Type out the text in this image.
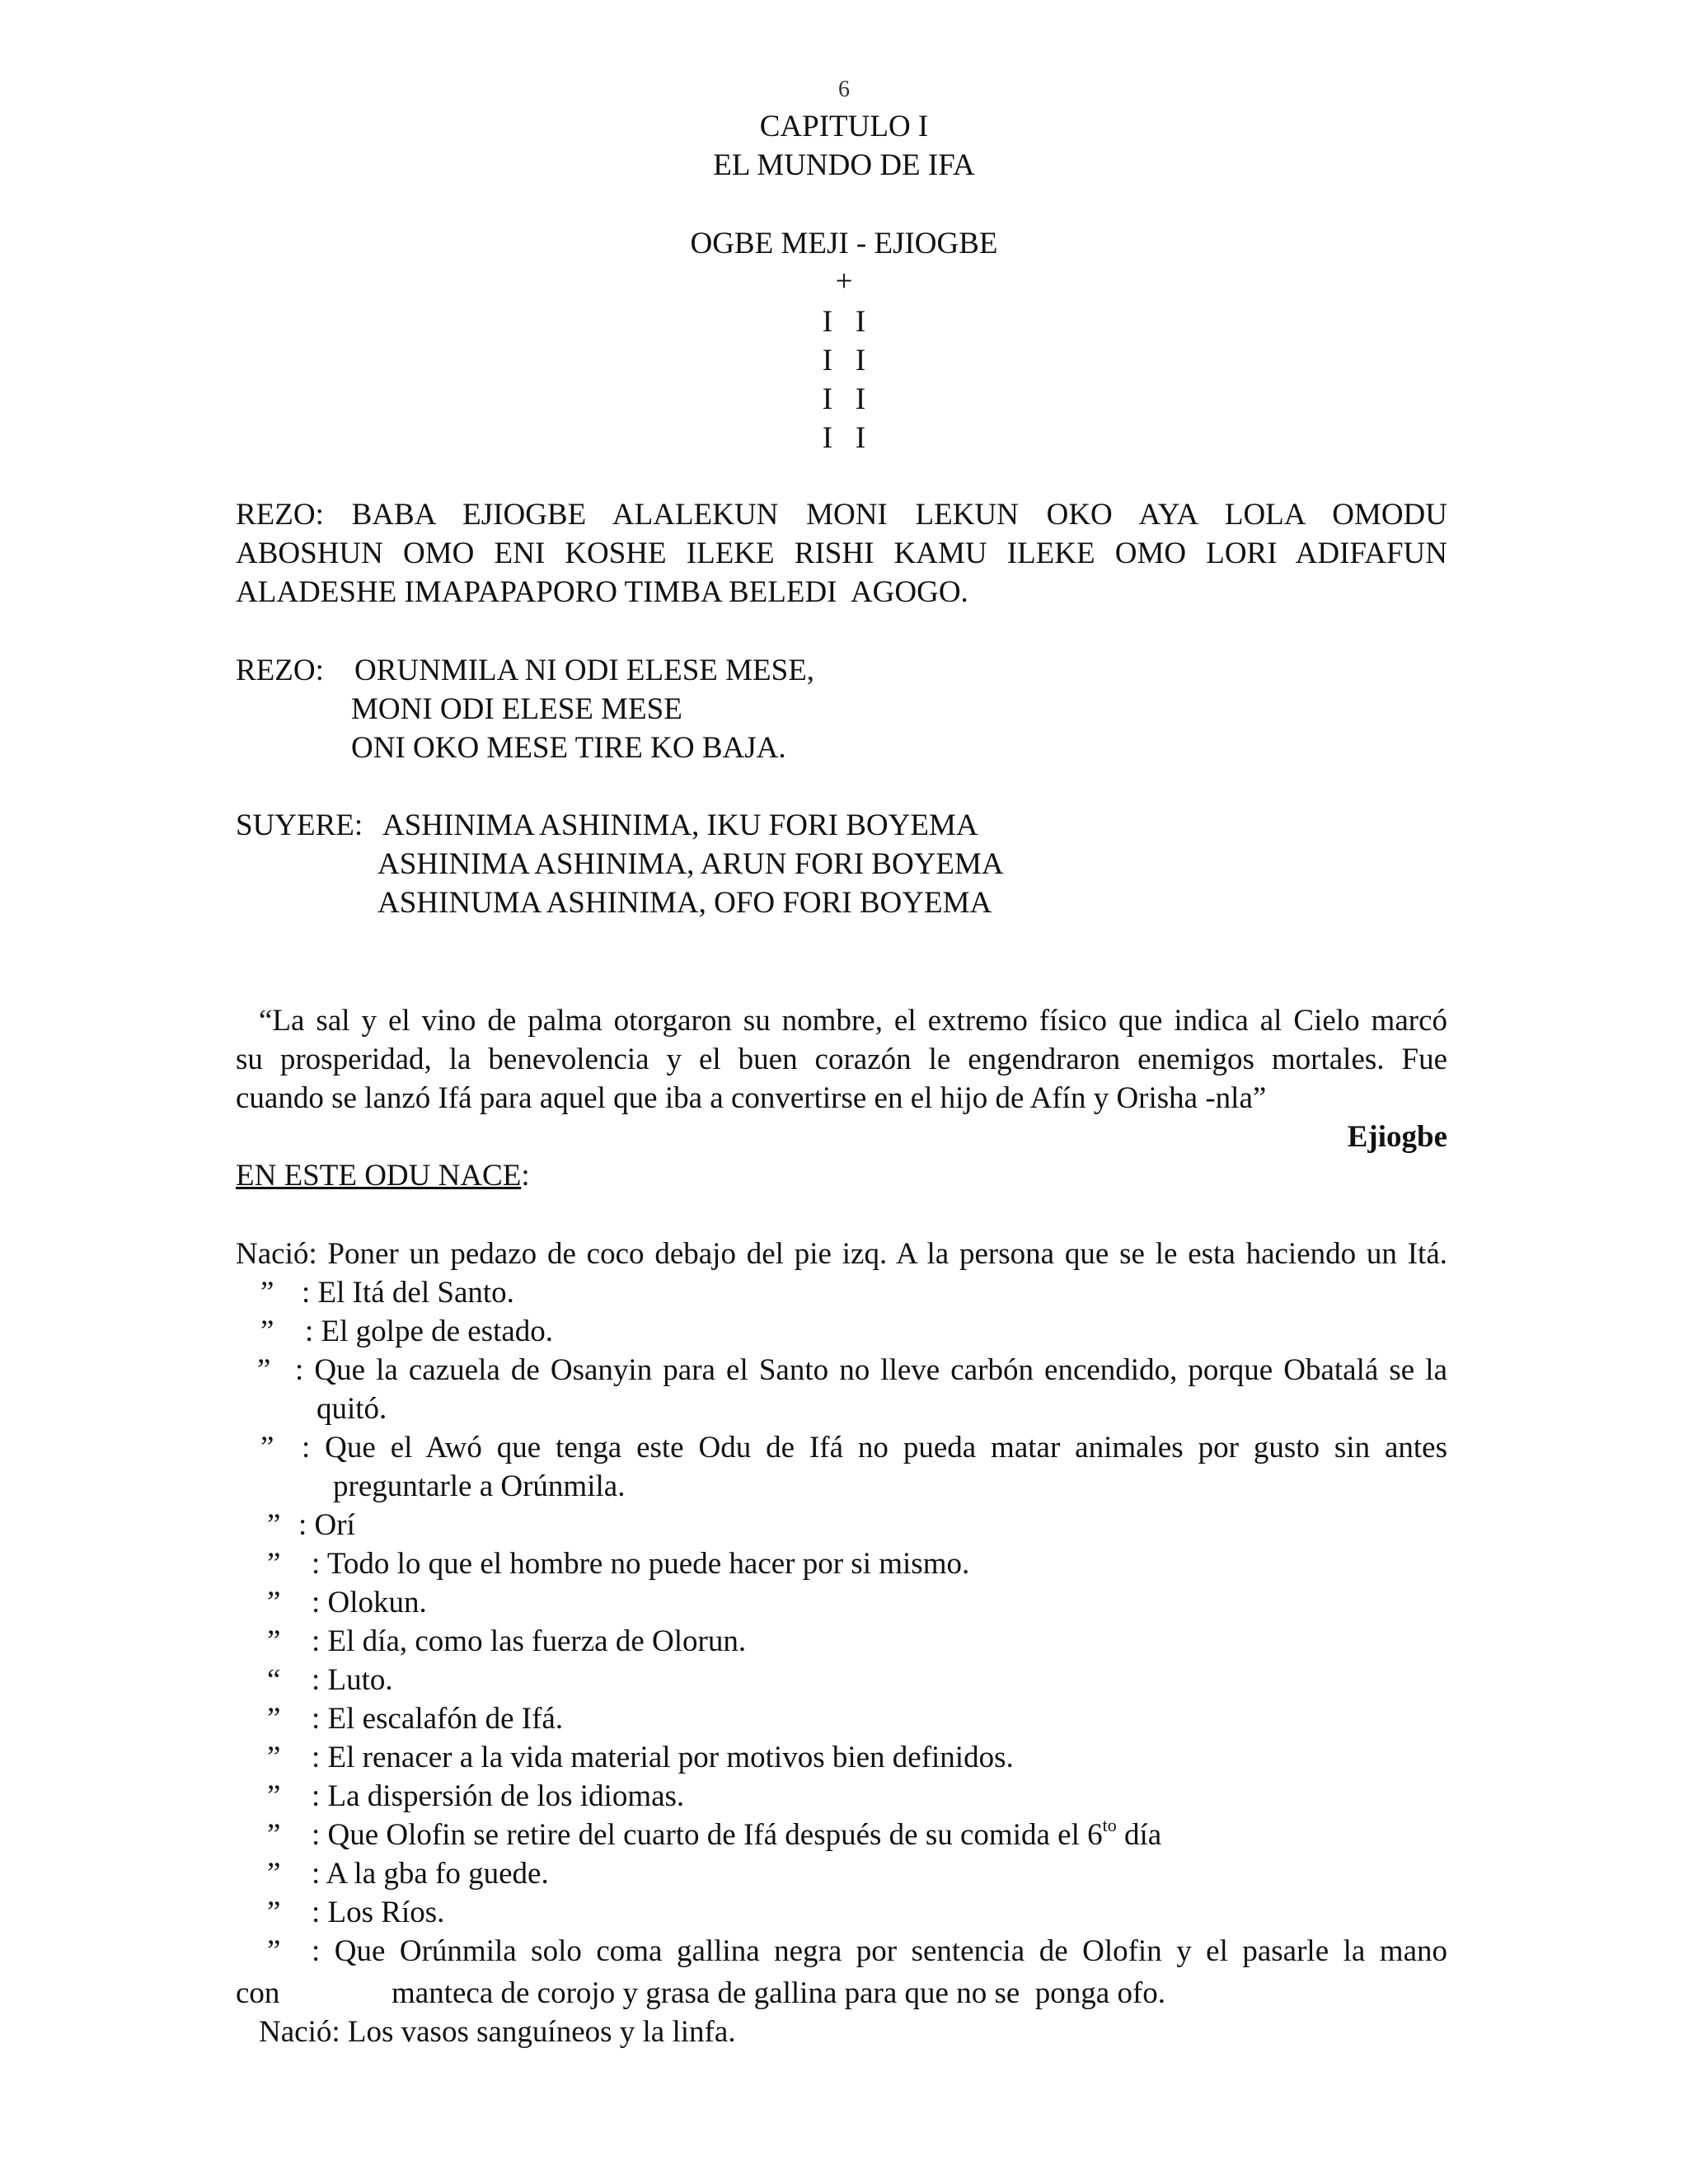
6
CAPITULO I
EL MUNDO DE IFA
OGBE MEJI - EJIOGBE
+
I   I
I   I
I   I
I   I
REZO: BABA EJIOGBE ALALEKUN MONI LEKUN OKO AYA LOLA OMODU
ABOSHUN OMO ENI KOSHE ILEKE RISHI KAMU ILEKE OMO LORI ADIFAFUN
ALADESHE IMAPAPAPORO TIMBA BELEDI  AGOGO.
REZO: ORUNMILA NI ODI ELESE MESE,
MONI ODI ELESE MESE
ONI OKO MESE TIRE KO BAJA.
SUYERE: ASHINIMA ASHINIMA, IKU FORI BOYEMA
ASHINIMA ASHINIMA, ARUN FORI BOYEMA
ASHINUMA ASHINIMA, OFO FORI BOYEMA
“La sal y el vino de palma otorgaron su nombre, el extremo físico que indica al Cielo marcó
su prosperidad, la benevolencia y el buen corazón le engendraron enemigos mortales. Fue
cuando se lanzó Ifá para aquel que iba a convertirse en el hijo de Afín y Orisha -nla”
Ejiogbe
EN ESTE ODU NACE:
Nació: Poner un pedazo de coco debajo del pie izq. A la persona que se le esta haciendo un Itá.
” : El Itá del Santo.
” : El golpe de estado.
” : Que la cazuela de Osanyin para el Santo no lleve carbón encendido, porque Obatalá se la
quitó.
” : Que el Awó que tenga este Odu de Ifá no pueda matar animales por gusto sin antes
preguntarle a Orúnmila.
” : Orí
” : Todo lo que el hombre no puede hacer por si mismo.
” : Olokun.
” : El día, como las fuerza de Olorun.
“ : Luto.
” : El escalafón de Ifá.
” : El renacer a la vida material por motivos bien definidos.
” : La dispersión de los idiomas.
” : Que Olofin se retire del cuarto de Ifá después de su comida el $6^{to}$ día
” : A la gba fo guede.
” : Los Ríos.
” : Que Orúnmila solo coma gallina negra por sentencia de Olofin y el pasarle la mano
con	manteca de corojo y grasa de gallina para que no se  ponga ofo.
Nació: Los vasos sanguíneos y la linfa.
